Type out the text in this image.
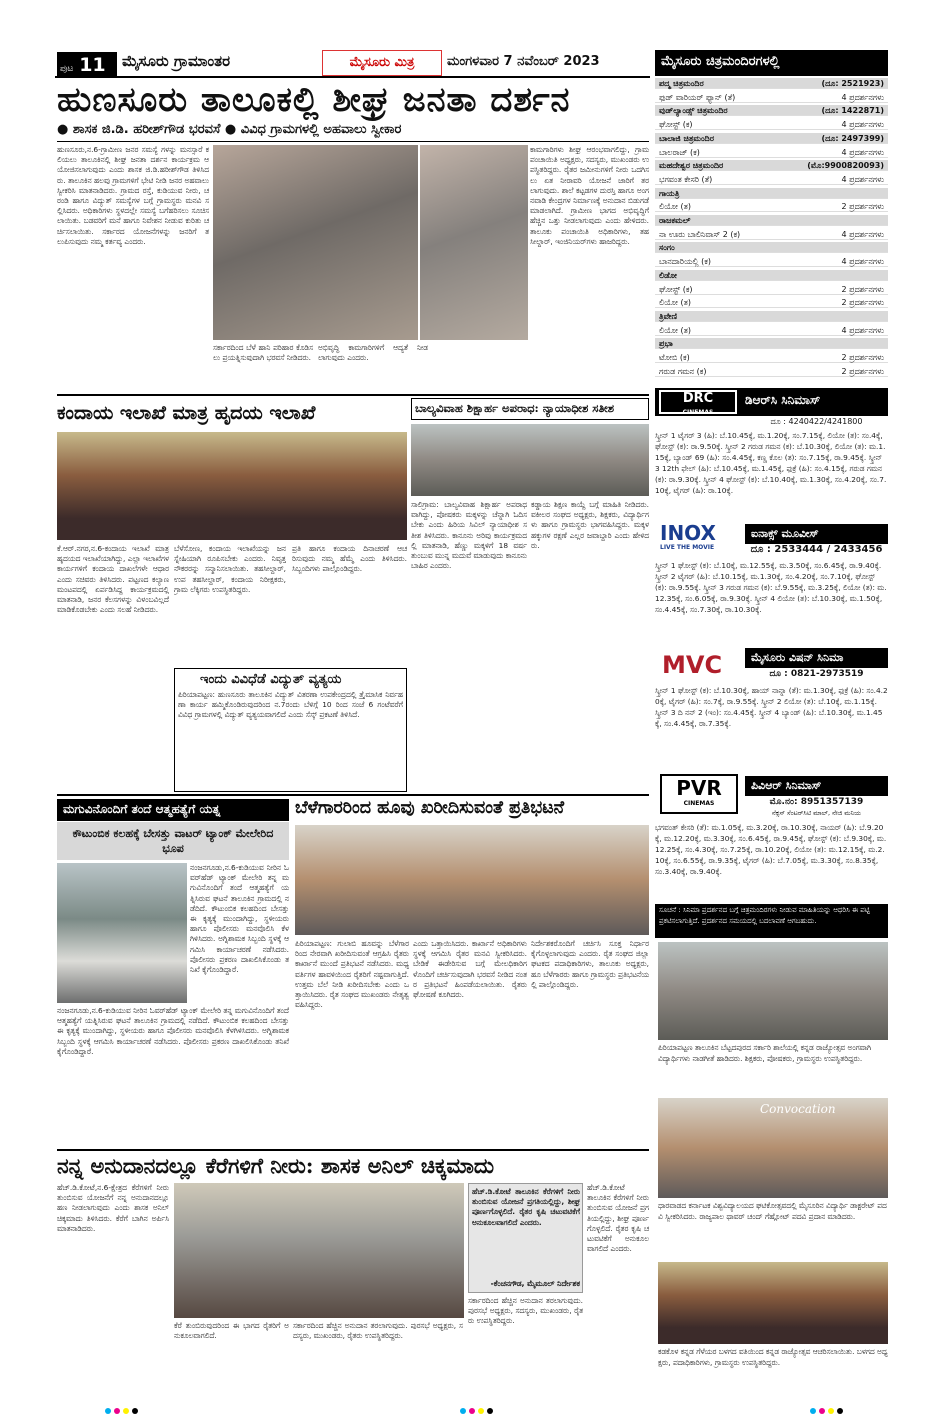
ಪುಟ 11	ಮೈಸೂರು ಗ್ರಾಮಾಂತರ	ಮೈಸೂರು ಮಿತ್ರ	ಮಂಗಳವಾರ 7 ನವೆಂಬರ್ 2023
ಹುಣಸೂರು ತಾಲೂಕಲ್ಲಿ ಶೀಘ್ರ ಜನತಾ ದರ್ಶನ
● ಶಾಸಕ ಜಿ.ಡಿ. ಹರೀಶ್‌ಗೌಡ ಭರವಸೆ ● ವಿವಿಧ ಗ್ರಾಮಗಳಲ್ಲಿ ಅಹವಾಲು ಸ್ವೀಕಾರ
ಹುಣಸೂರು,ನ.6-ಗ್ರಾಮೀಣ ಜನರ ಸಮಸ್ಯೆ ಗಳನ್ನು ಮನಸ್ಸಾರೆ ಕಲಿಯಲು ತಾಲೂಕಿನಲ್ಲಿ ಶೀಘ್ರ ಜನತಾ ದರ್ಶನ ಕಾರ್ಯಕ್ರಮ ಆಯೋಜಿಸಲಾಗುವುದು ಎಂದು ಶಾಸಕ ಜಿ.ಡಿ.ಹರೀಶ್‌ಗೌಡ ತಿಳಿಸಿದರು. ತಾಲೂಕಿನ ಹಲವು ಗ್ರಾಮಗಳಿಗೆ ಭೇಟಿ ನೀಡಿ ಜನರ ಅಹವಾಲು ಸ್ವೀಕರಿಸಿ ಮಾತನಾಡಿದರು. ಗ್ರಾಮದ ರಸ್ತೆ, ಕುಡಿಯುವ ನೀರು, ಚರಂಡಿ ಹಾಗೂ ವಿದ್ಯುತ್ ಸಮಸ್ಯೆಗಳ ಬಗ್ಗೆ ಗ್ರಾಮಸ್ಥರು ಮನವಿ ಸಲ್ಲಿಸಿದರು. ಅಧಿಕಾರಿಗಳು ಸ್ಥಳದಲ್ಲೇ ಸಮಸ್ಯೆ ಬಗೆಹರಿಸಲು ಸೂಚಿಸಲಾಯಿತು. ಬಡವರಿಗೆ ಮನೆ ಹಾಗೂ ನಿವೇಶನ ನೀಡುವ ಕುರಿತು ಚರ್ಚಿಸಲಾಯಿತು. ಸರ್ಕಾರದ ಯೋಜನೆಗಳನ್ನು ಜನರಿಗೆ ತಲುಪಿಸುವುದು ನಮ್ಮ ಕರ್ತವ್ಯ ಎಂದರು.
ಸರ್ಕಾರದಿಂದ ಬೆಳೆ ಹಾನಿ ಪರಿಹಾರ ಕೊಡಿಸಲು ಪ್ರಯತ್ನಿಸುವುದಾಗಿ ಭರವಸೆ ನೀಡಿದರು.
ಅಭಿವೃದ್ಧಿ ಕಾಮಗಾರಿಗಳಿಗೆ ಆದ್ಯತೆ ನೀಡಲಾಗುವುದು ಎಂದರು.
ಕಾಮಗಾರಿಗಳು ಶೀಘ್ರ ಆರಂಭವಾಗಲಿದ್ದು, ಗ್ರಾಮ ಪಂಚಾಯಿತಿ ಅಧ್ಯಕ್ಷರು, ಸದಸ್ಯರು, ಮುಖಂಡರು ಉಪಸ್ಥಿತರಿದ್ದರು. ರೈತರ ಜಮೀನುಗಳಿಗೆ ನೀರು ಒದಗಿಸಲು ಏತ ನೀರಾವರಿ ಯೋಜನೆ ಜಾರಿಗೆ ತರಲಾಗುವುದು. ಶಾಲೆ ಕಟ್ಟಡಗಳ ದುರಸ್ತಿ ಹಾಗೂ ಅಂಗನವಾಡಿ ಕೇಂದ್ರಗಳ ನಿರ್ಮಾಣಕ್ಕೆ ಅನುದಾನ ಬಿಡುಗಡೆ ಮಾಡಲಾಗಿದೆ. ಗ್ರಾಮೀಣ ಭಾಗದ ಅಭಿವೃದ್ಧಿಗೆ ಹೆಚ್ಚಿನ ಒತ್ತು ನೀಡಲಾಗುವುದು ಎಂದು ಹೇಳಿದರು. ತಾಲೂಕು ಪಂಚಾಯಿತಿ ಅಧಿಕಾರಿಗಳು, ತಹಸೀಲ್ದಾರ್, ಇಂಜಿನಿಯರ್‌ಗಳು ಹಾಜರಿದ್ದರು.
ಕಂದಾಯ ಇಲಾಖೆ ಮಾತ್ರ ಹೃದಯ ಇಲಾಖೆ
ಕೆ.ಆರ್.ನಗರ,ನ.6-ಕಂದಾಯ ಇಲಾಖೆ ಮಾತ್ರ ಹೃದಯದ ಇಲಾಖೆಯಾಗಿದ್ದು, ಎಲ್ಲಾ ಇಲಾಖೆಗಳ ಕಾರ್ಯಗಳಿಗೆ ಕಂದಾಯ ದಾಖಲೆಗಳೇ ಆಧಾರ ಎಂದು ಸಚಿವರು ತಿಳಿಸಿದರು. ಪಟ್ಟಣದ ಕಲ್ಯಾಣ ಮಂಟಪದಲ್ಲಿ ಏರ್ಪಡಿಸಿದ್ದ ಕಾರ್ಯಕ್ರಮದಲ್ಲಿ ಮಾತನಾಡಿ, ಜನರ ಕೆಲಸಗಳನ್ನು ವಿಳಂಬವಿಲ್ಲದೆ ಮಾಡಿಕೊಡಬೇಕು ಎಂದು ಸಲಹೆ ನೀಡಿದರು.
ಬೆಳೆಸೋಣ, ಕಂದಾಯ ಇಲಾಖೆಯನ್ನು ಜನಸ್ನೇಹಿಯಾಗಿ ರೂಪಿಸಬೇಕು ಎಂದರು. ನಿವೃತ್ತ ನೌಕರರನ್ನು ಸನ್ಮಾನಿಸಲಾಯಿತು. ತಹಸೀಲ್ದಾರ್, ಉಪ ತಹಸೀಲ್ದಾರ್, ಕಂದಾಯ ನಿರೀಕ್ಷಕರು, ಗ್ರಾಮ ಲೆಕ್ಕಿಗರು ಉಪಸ್ಥಿತರಿದ್ದರು.
ಪ್ರತಿ ಹಾಗೂ ಕಂದಾಯ ದಿನಾಚರಣೆ ಆಚರಿಸುವುದು ನಮ್ಮ ಹೆಮ್ಮೆ ಎಂದು ತಿಳಿಸಿದರು. ಸಿಬ್ಬಂದಿಗಳು ಪಾಲ್ಗೊಂಡಿದ್ದರು.
ಇಂದು ವಿವಿಧೆಡೆ ವಿದ್ಯುತ್ ವ್ಯತ್ಯಯ
ಪಿರಿಯಾಪಟ್ಟಣ: ಹುಣಸೂರು ತಾಲೂಕಿನ ವಿದ್ಯುತ್ ವಿತರಣಾ ಉಪಕೇಂದ್ರದಲ್ಲಿ ತ್ರೈಮಾಸಿಕ ನಿರ್ವಹಣಾ ಕಾರ್ಯ ಹಮ್ಮಿಕೊಂಡಿರುವುದರಿಂದ ನ.7ರಂದು ಬೆಳಿಗ್ಗೆ 10 ರಿಂದ ಸಂಜೆ 6 ಗಂಟೆವರೆಗೆ ವಿವಿಧ ಗ್ರಾಮಗಳಲ್ಲಿ ವಿದ್ಯುತ್ ವ್ಯತ್ಯಯವಾಗಲಿದೆ ಎಂದು ಸೆಸ್ಕ್ ಪ್ರಕಟಣೆ ತಿಳಿಸಿದೆ.
ಬಾಲ್ಯವಿವಾಹ ಶಿಕ್ಷಾರ್ಹ ಅಪರಾಧ: ನ್ಯಾಯಾಧೀಶ ಸತೀಶ
ಸಾಲಿಗ್ರಾಮ: ಬಾಲ್ಯವಿವಾಹ ಶಿಕ್ಷಾರ್ಹ ಅಪರಾಧವಾಗಿದ್ದು, ಪೋಷಕರು ಮಕ್ಕಳನ್ನು ಚೆನ್ನಾಗಿ ಓದಿಸಬೇಕು ಎಂದು ಹಿರಿಯ ಸಿವಿಲ್ ನ್ಯಾಯಾಧೀಶ ಸತೀಶ ತಿಳಿಸಿದರು. ಕಾನೂನು ಅರಿವು ಕಾರ್ಯಕ್ರಮದಲ್ಲಿ ಮಾತನಾಡಿ, ಹೆಣ್ಣು ಮಕ್ಕಳಿಗೆ 18 ವರ್ಷ ತುಂಬುವ ಮುನ್ನ ಮದುವೆ ಮಾಡುವುದು ಕಾನೂನು ಬಾಹಿರ ಎಂದರು.
ಕಡ್ಡಾಯ ಶಿಕ್ಷಣ ಕಾಯ್ದೆ ಬಗ್ಗೆ ಮಾಹಿತಿ ನೀಡಿದರು. ವಕೀಲರ ಸಂಘದ ಅಧ್ಯಕ್ಷರು, ಶಿಕ್ಷಕರು, ವಿದ್ಯಾರ್ಥಿಗಳು ಹಾಗೂ ಗ್ರಾಮಸ್ಥರು ಭಾಗವಹಿಸಿದ್ದರು. ಮಕ್ಕಳ ಹಕ್ಕುಗಳ ರಕ್ಷಣೆ ಎಲ್ಲರ ಜವಾಬ್ದಾರಿ ಎಂದು ಹೇಳಿದರು.
ಮಗುವಿನೊಂದಿಗೆ ತಂದೆ ಆತ್ಮಹತ್ಯೆಗೆ ಯತ್ನ
ಕೌಟುಂಬಿಕ ಕಲಹಕ್ಕೆ ಬೇಸತ್ತು ವಾಟರ್ ಟ್ಯಾಂಕ್ ಮೇಲೇರಿದ ಭೂಪ
ನಂಜನಗೂಡು,ನ.6-ಕುಡಿಯುವ ನೀರಿನ ಓವರ್‌ಹೆಡ್ ಟ್ಯಾಂಕ್ ಮೇಲೇರಿ ತನ್ನ ಮಗುವಿನೊಂದಿಗೆ ತಂದೆ ಆತ್ಮಹತ್ಯೆಗೆ ಯತ್ನಿಸಿರುವ ಘಟನೆ ತಾಲೂಕಿನ ಗ್ರಾಮದಲ್ಲಿ ನಡೆದಿದೆ. ಕೌಟುಂಬಿಕ ಕಲಹದಿಂದ ಬೇಸತ್ತು ಈ ಕೃತ್ಯಕ್ಕೆ ಮುಂದಾಗಿದ್ದು, ಸ್ಥಳೀಯರು ಹಾಗೂ ಪೊಲೀಸರು ಮನವೊಲಿಸಿ ಕೆಳಗಿಳಿಸಿದರು. ಅಗ್ನಿಶಾಮಕ ಸಿಬ್ಬಂದಿ ಸ್ಥಳಕ್ಕೆ ಆಗಮಿಸಿ ಕಾರ್ಯಾಚರಣೆ ನಡೆಸಿದರು. ಪೊಲೀಸರು ಪ್ರಕರಣ ದಾಖಲಿಸಿಕೊಂಡು ತನಿಖೆ ಕೈಗೊಂಡಿದ್ದಾರೆ.
ನಂಜನಗೂಡು,ನ.6-ಕುಡಿಯುವ ನೀರಿನ ಓವರ್‌ಹೆಡ್ ಟ್ಯಾಂಕ್ ಮೇಲೇರಿ ತನ್ನ ಮಗುವಿನೊಂದಿಗೆ ತಂದೆ ಆತ್ಮಹತ್ಯೆಗೆ ಯತ್ನಿಸಿರುವ ಘಟನೆ ತಾಲೂಕಿನ ಗ್ರಾಮದಲ್ಲಿ ನಡೆದಿದೆ. ಕೌಟುಂಬಿಕ ಕಲಹದಿಂದ ಬೇಸತ್ತು ಈ ಕೃತ್ಯಕ್ಕೆ ಮುಂದಾಗಿದ್ದು, ಸ್ಥಳೀಯರು ಹಾಗೂ ಪೊಲೀಸರು ಮನವೊಲಿಸಿ ಕೆಳಗಿಳಿಸಿದರು. ಅಗ್ನಿಶಾಮಕ ಸಿಬ್ಬಂದಿ ಸ್ಥಳಕ್ಕೆ ಆಗಮಿಸಿ ಕಾರ್ಯಾಚರಣೆ ನಡೆಸಿದರು. ಪೊಲೀಸರು ಪ್ರಕರಣ ದಾಖಲಿಸಿಕೊಂಡು ತನಿಖೆ ಕೈಗೊಂಡಿದ್ದಾರೆ.
ಬೆಳೆಗಾರರಿಂದ ಹೂವು ಖರೀದಿಸುವಂತೆ ಪ್ರತಿಭಟನೆ
ಪಿರಿಯಾಪಟ್ಟಣ: ಗುಲಾಬಿ ಹೂವನ್ನು ಬೆಳೆಗಾರರಿಂದ ನೇರವಾಗಿ ಖರೀದಿಸುವಂತೆ ಆಗ್ರಹಿಸಿ ರೈತರು ಕಾರ್ಖಾನೆ ಮುಂದೆ ಪ್ರತಿಭಟನೆ ನಡೆಸಿದರು. ಮಧ್ಯವರ್ತಿಗಳ ಹಾವಳಿಯಿಂದ ರೈತರಿಗೆ ನಷ್ಟವಾಗುತ್ತಿದೆ. ಉತ್ತಮ ಬೆಲೆ ನೀಡಿ ಖರೀದಿಸಬೇಕು ಎಂದು ಒತ್ತಾಯಿಸಿದರು. ರೈತ ಸಂಘದ ಮುಖಂಡರು ನೇತೃತ್ವ ವಹಿಸಿದ್ದರು.
ಎಂದು ಒತ್ತಾಯಿಸಿದರು. ಕಾರ್ಖಾನೆ ಅಧಿಕಾರಿಗಳು ಸ್ಥಳಕ್ಕೆ ಆಗಮಿಸಿ ರೈತರ ಮನವಿ ಸ್ವೀಕರಿಸಿದರು. ಬೇಡಿಕೆ ಈಡೇರಿಸುವ ಬಗ್ಗೆ ಮೇಲಧಿಕಾರಿಗಳೊಂದಿಗೆ ಚರ್ಚಿಸುವುದಾಗಿ ಭರವಸೆ ನೀಡಿದ ನಂತರ ಪ್ರತಿಭಟನೆ ಹಿಂಪಡೆಯಲಾಯಿತು. ರೈತರು ಘೋಷಣೆ ಕೂಗಿದರು.
ನಿರ್ದೇಶಕರೊಂದಿಗೆ ಚರ್ಚಿಸಿ ಸೂಕ್ತ ನಿರ್ಧಾರ ಕೈಗೊಳ್ಳಲಾಗುವುದು ಎಂದರು. ರೈತ ಸಂಘದ ಜಿಲ್ಲಾ ಘಟಕದ ಪದಾಧಿಕಾರಿಗಳು, ತಾಲೂಕು ಅಧ್ಯಕ್ಷರು, ಹೂ ಬೆಳೆಗಾರರು ಹಾಗೂ ಗ್ರಾಮಸ್ಥರು ಪ್ರತಿಭಟನೆಯಲ್ಲಿ ಪಾಲ್ಗೊಂಡಿದ್ದರು.
ನನ್ನ ಅನುದಾನದಲ್ಲೂ ಕೆರೆಗಳಿಗೆ ನೀರು: ಶಾಸಕ ಅನಿಲ್ ಚಿಕ್ಕಮಾದು
ಹೆಚ್.ಡಿ.ಕೋಟೆ,ನ.6-ಕ್ಷೇತ್ರದ ಕೆರೆಗಳಿಗೆ ನೀರು ತುಂಬಿಸುವ ಯೋಜನೆಗೆ ನನ್ನ ಅನುದಾನದಲ್ಲೂ ಹಣ ನೀಡಲಾಗುವುದು ಎಂದು ಶಾಸಕ ಅನಿಲ್ ಚಿಕ್ಕಮಾದು ತಿಳಿಸಿದರು. ಕೆರೆಗೆ ಬಾಗಿನ ಅರ್ಪಿಸಿ ಮಾತನಾಡಿದರು.
ಕೆರೆ ತುಂಬಿರುವುದರಿಂದ ಈ ಭಾಗದ ರೈತರಿಗೆ ಅನುಕೂಲವಾಗಲಿದೆ.
ಸರ್ಕಾರದಿಂದ ಹೆಚ್ಚಿನ ಅನುದಾನ ತರಲಾಗುವುದು. ಪುರಸಭೆ ಅಧ್ಯಕ್ಷರು, ಸದಸ್ಯರು, ಮುಖಂಡರು, ರೈತರು ಉಪಸ್ಥಿತರಿದ್ದರು.
ಹೆಚ್.ಡಿ.ಕೋಟೆ ತಾಲೂಕಿನ ಕೆರೆಗಳಿಗೆ ನೀರು ತುಂಬಿಸುವ ಯೋಜನೆ ಪ್ರಗತಿಯಲ್ಲಿದ್ದು, ಶೀಘ್ರ ಪೂರ್ಣಗೊಳ್ಳಲಿದೆ. ರೈತರ ಕೃಷಿ ಚಟುವಟಿಕೆಗೆ ಅನುಕೂಲವಾಗಲಿದೆ ಎಂದರು.
-ಕೆಂಚನಗೌಡ, ಮೈಮೂಲ್ ನಿರ್ದೇಶಕ
ಸರ್ಕಾರದಿಂದ ಹೆಚ್ಚಿನ ಅನುದಾನ ತರಲಾಗುವುದು. ಪುರಸಭೆ ಅಧ್ಯಕ್ಷರು, ಸದಸ್ಯರು, ಮುಖಂಡರು, ರೈತರು ಉಪಸ್ಥಿತರಿದ್ದರು.
ಹೆಚ್.ಡಿ.ಕೋಟೆ ತಾಲೂಕಿನ ಕೆರೆಗಳಿಗೆ ನೀರು ತುಂಬಿಸುವ ಯೋಜನೆ ಪ್ರಗತಿಯಲ್ಲಿದ್ದು, ಶೀಘ್ರ ಪೂರ್ಣಗೊಳ್ಳಲಿದೆ. ರೈತರ ಕೃಷಿ ಚಟುವಟಿಕೆಗೆ ಅನುಕೂಲವಾಗಲಿದೆ ಎಂದರು.
ಮೈಸೂರು ಚಿತ್ರಮಂದಿರಗಳಲ್ಲಿ
ಪದ್ಮ ಚಿತ್ರಮಂದಿರ	(ದೂ: 2521923)
ಫುಡ್ ವಾರಿಯರ್ ಫ್ಯಾನ್ (ತೆ)	4 ಪ್ರದರ್ಶನಗಳು
ವುಡ್‌ಲ್ಯಾಂಡ್ಸ್ ಚಿತ್ರಮಂದಿರ	(ದೂ: 1422871)
ಘೋಸ್ಟ್ (ಕ)	4 ಪ್ರದರ್ಶನಗಳು
ಬಾಲಾಜಿ ಚಿತ್ರಮಂದಿರ	(ದೂ: 2497399)
ಬಾಲರಾಜ್ (ಕ)	4 ಪ್ರದರ್ಶನಗಳು
ಮಹದೇಶ್ವರ ಚಿತ್ರಮಂದಿರ	(ಮೊ:9900820093)
ಭಗವಂತ ಕೇಸರಿ (ತೆ)	4 ಪ್ರದರ್ಶನಗಳು
ಗಾಯತ್ರಿ
ಲಿಯೋ (ತ)	2 ಪ್ರದರ್ಶನಗಳು
ರಾಜಕಮಲ್
ನಾ ಊರು ಬಾಲಿನಿವಾಸ್ 2 (ಕ)	4 ಪ್ರದರ್ಶನಗಳು
ಸಂಗಂ
ಬಾನದಾರಿಯಲ್ಲಿ (ಕ)	4 ಪ್ರದರ್ಶನಗಳು
ಲಿಡೋ
ಘೋಸ್ಟ್ (ಕ)	2 ಪ್ರದರ್ಶನಗಳು
ಲಿಯೋ (ತ)	2 ಪ್ರದರ್ಶನಗಳು
ತ್ರಿವೇಣಿ
ಲಿಯೋ (ತ)	4 ಪ್ರದರ್ಶನಗಳು
ಪ್ರಭಾ
ಟೋಬಿ (ಕ)	2 ಪ್ರದರ್ಶನಗಳು
ಗರುಡ ಗಮನ (ಕ)	2 ಪ್ರದರ್ಶನಗಳು
DRC
CINEMAS
ಡಿಆರ್‌ಸಿ ಸಿನಿಮಾಸ್
ದೂ : 4240422/4241800
ಸ್ಕ್ರೀನ್ 1 ಟೈಗರ್ 3 (ಹಿ): ಬೆ.10.45ಕ್ಕೆ, ಮ.1.20ಕ್ಕೆ, ಸಂ.7.15ಕ್ಕೆ, ಲಿಯೋ (ತ): ಸಂ.4ಕ್ಕೆ, ಘೋಸ್ಟ್ (ಕ): ರಾ.9.50ಕ್ಕೆ. ಸ್ಕ್ರೀನ್ 2 ಗರುಡ ಗಮನ (ಕ): ಬೆ.10.30ಕ್ಕೆ, ಲಿಯೋ (ತ): ಮ.1.15ಕ್ಕೆ, ಬ್ಯಾಂಡ್ 69 (ಹಿ): ಸಂ.4.45ಕ್ಕೆ, ಕಣ್ಣ ಕೊಲ (ತ): ಸಂ.7.15ಕ್ಕೆ, ರಾ.9.45ಕ್ಕೆ. ಸ್ಕ್ರೀನ್ 3 12th ಫೇಲ್ (ಹಿ): ಬೆ.10.45ಕ್ಕೆ, ಮ.1.45ಕ್ಕೆ, ಫುಕ್ರೆ (ಹಿ): ಸಂ.4.15ಕ್ಕೆ, ಗರುಡ ಗಮನ (ಕ): ರಾ.9.30ಕ್ಕೆ. ಸ್ಕ್ರೀನ್ 4 ಘೋಸ್ಟ್ (ಕ): ಬೆ.10.40ಕ್ಕೆ, ಮ.1.30ಕ್ಕೆ, ಸಂ.4.20ಕ್ಕೆ, ಸಂ.7.10ಕ್ಕೆ, ಟೈಗರ್ (ಹಿ): ರಾ.10ಕ್ಕೆ.
INOX
LIVE THE MOVIE
ಐನಾಕ್ಸ್ ಮೂವೀಸ್
ದೂ : 2533444 / 2433456
ಸ್ಕ್ರೀನ್ 1 ಘೋಸ್ಟ್ (ಕ): ಬೆ.10ಕ್ಕೆ, ಮ.12.55ಕ್ಕೆ, ಮ.3.50ಕ್ಕೆ, ಸಂ.6.45ಕ್ಕೆ, ರಾ.9.40ಕ್ಕೆ. ಸ್ಕ್ರೀನ್ 2 ಟೈಗರ್ (ಹಿ): ಬೆ.10.15ಕ್ಕೆ, ಮ.1.30ಕ್ಕೆ, ಸಂ.4.20ಕ್ಕೆ, ಸಂ.7.10ಕ್ಕೆ, ಘೋಸ್ಟ್ (ಕ): ರಾ.9.55ಕ್ಕೆ. ಸ್ಕ್ರೀನ್ 3 ಗರುಡ ಗಮನ (ಕ): ಬೆ.9.55ಕ್ಕೆ, ಮ.3.25ಕ್ಕೆ, ಲಿಯೋ (ತ): ಮ.12.35ಕ್ಕೆ, ಸಂ.6.05ಕ್ಕೆ, ರಾ.9.30ಕ್ಕೆ. ಸ್ಕ್ರೀನ್ 4 ಲಿಯೋ (ತ): ಬೆ.10.30ಕ್ಕೆ, ಮ.1.50ಕ್ಕೆ, ಸಂ.4.45ಕ್ಕೆ, ಸಂ.7.30ಕ್ಕೆ, ರಾ.10.30ಕ್ಕೆ.
MVC	ಮೈಸೂರು ವಿಷನ್ ಸಿನಿಮಾ
ದೂ : 0821-2973519
ಸ್ಕ್ರೀನ್ 1 ಘೋಸ್ಟ್ (ಕ): ಬೆ.10.30ಕ್ಕೆ, ಹಾಯ್ ನಾನ್ನಾ (ತೆ): ಮ.1.30ಕ್ಕೆ, ಫುಕ್ರೆ (ಹಿ): ಸಂ.4.20ಕ್ಕೆ, ಟೈಗರ್ (ಹಿ): ಸಂ.7ಕ್ಕೆ, ರಾ.9.55ಕ್ಕೆ. ಸ್ಕ್ರೀನ್ 2 ಲಿಯೋ (ತ): ಬೆ.10ಕ್ಕೆ, ಮ.1.15ಕ್ಕೆ. ಸ್ಕ್ರೀನ್ 3 ದಿ ನನ್ 2 (ಇಂ): ಸಂ.4.45ಕ್ಕೆ. ಸ್ಕ್ರೀನ್ 4 ಬ್ಯಾಂಡ್ (ಹಿ): ಬೆ.10.30ಕ್ಕೆ, ಮ.1.45ಕ್ಕೆ, ಸಂ.4.45ಕ್ಕೆ, ರಾ.7.35ಕ್ಕೆ.
PVR
CINEMAS
ಪಿವಿಆರ್ ಸಿನಿಮಾಸ್
ಮೊ.ನಂ: 8951357139
ನೆಕ್ಸಸ್ ಸೆಂಟರ್‌ಸಿಟಿ ಮಾಲ್, ನೇಜಿ ಮನಿಯ
ಭಗವಂತ್ ಕೇಸರಿ (ತೆ): ಮ.1.05ಕ್ಕೆ, ಮ.3.20ಕ್ಕೆ, ರಾ.10.30ಕ್ಕೆ, ನಾಯರ್ (ಹಿ): ಬೆ.9.20ಕ್ಕೆ, ಮ.12.20ಕ್ಕೆ, ಮ.3.30ಕ್ಕೆ, ಸಂ.6.45ಕ್ಕೆ, ರಾ.9.45ಕ್ಕೆ, ಘೋಸ್ಟ್ (ಕ): ಬೆ.9.30ಕ್ಕೆ, ಮ.12.25ಕ್ಕೆ, ಸಂ.4.30ಕ್ಕೆ, ಸಂ.7.25ಕ್ಕೆ, ರಾ.10.20ಕ್ಕೆ, ಲಿಯೋ (ತ): ಮ.12.15ಕ್ಕೆ, ಮ.2.10ಕ್ಕೆ, ಸಂ.6.55ಕ್ಕೆ, ರಾ.9.35ಕ್ಕೆ, ಟೈಗರ್ (ಹಿ): ಬೆ.7.05ಕ್ಕೆ, ಮ.3.30ಕ್ಕೆ, ಸಂ.8.35ಕ್ಕೆ, ಸಂ.3.40ಕ್ಕೆ, ರಾ.9.40ಕ್ಕೆ.
ಸೂಚನೆ : ಸಿನಿಮಾ ಪ್ರದರ್ಶನದ ಬಗ್ಗೆ ಚಿತ್ರಮಂದಿರಗಳು ನೀಡುವ ಮಾಹಿತಿಯನ್ನು ಆಧರಿಸಿ ಈ ಪಟ್ಟಿ ಪ್ರಕಟಿಸಲಾಗುತ್ತಿದೆ. ಪ್ರದರ್ಶನದ ಸಮಯದಲ್ಲಿ ಬದಲಾವಣೆ ಆಗಬಹುದು.
ಪಿರಿಯಾಪಟ್ಟಣ ತಾಲೂಕಿನ ಬೆಟ್ಟದಪುರದ ಸರ್ಕಾರಿ ಶಾಲೆಯಲ್ಲಿ ಕನ್ನಡ ರಾಜ್ಯೋತ್ಸವ ಅಂಗವಾಗಿ ವಿದ್ಯಾರ್ಥಿಗಳು ನಾಡಗೀತೆ ಹಾಡಿದರು. ಶಿಕ್ಷಕರು, ಪೋಷಕರು, ಗ್ರಾಮಸ್ಥರು ಉಪಸ್ಥಿತರಿದ್ದರು.
Convocation
ಧಾರವಾಡದ ಕರ್ನಾಟಕ ವಿಶ್ವವಿದ್ಯಾಲಯದ ಘಟಿಕೋತ್ಸವದಲ್ಲಿ ಮೈಸೂರಿನ ವಿದ್ಯಾರ್ಥಿ ಡಾಕ್ಟರೇಟ್ ಪದವಿ ಸ್ವೀಕರಿಸಿದರು. ರಾಜ್ಯಪಾಲ ಥಾವರ್ ಚಂದ್ ಗೆಹ್ಲೋಟ್ ಪದವಿ ಪ್ರದಾನ ಮಾಡಿದರು.
ಕಡಕೊಳ ಕನ್ನಡ ಗೆಳೆಯರ ಬಳಗದ ವತಿಯಿಂದ ಕನ್ನಡ ರಾಜ್ಯೋತ್ಸವ ಆಚರಿಸಲಾಯಿತು. ಬಳಗದ ಅಧ್ಯಕ್ಷರು, ಪದಾಧಿಕಾರಿಗಳು, ಗ್ರಾಮಸ್ಥರು ಉಪಸ್ಥಿತರಿದ್ದರು.
